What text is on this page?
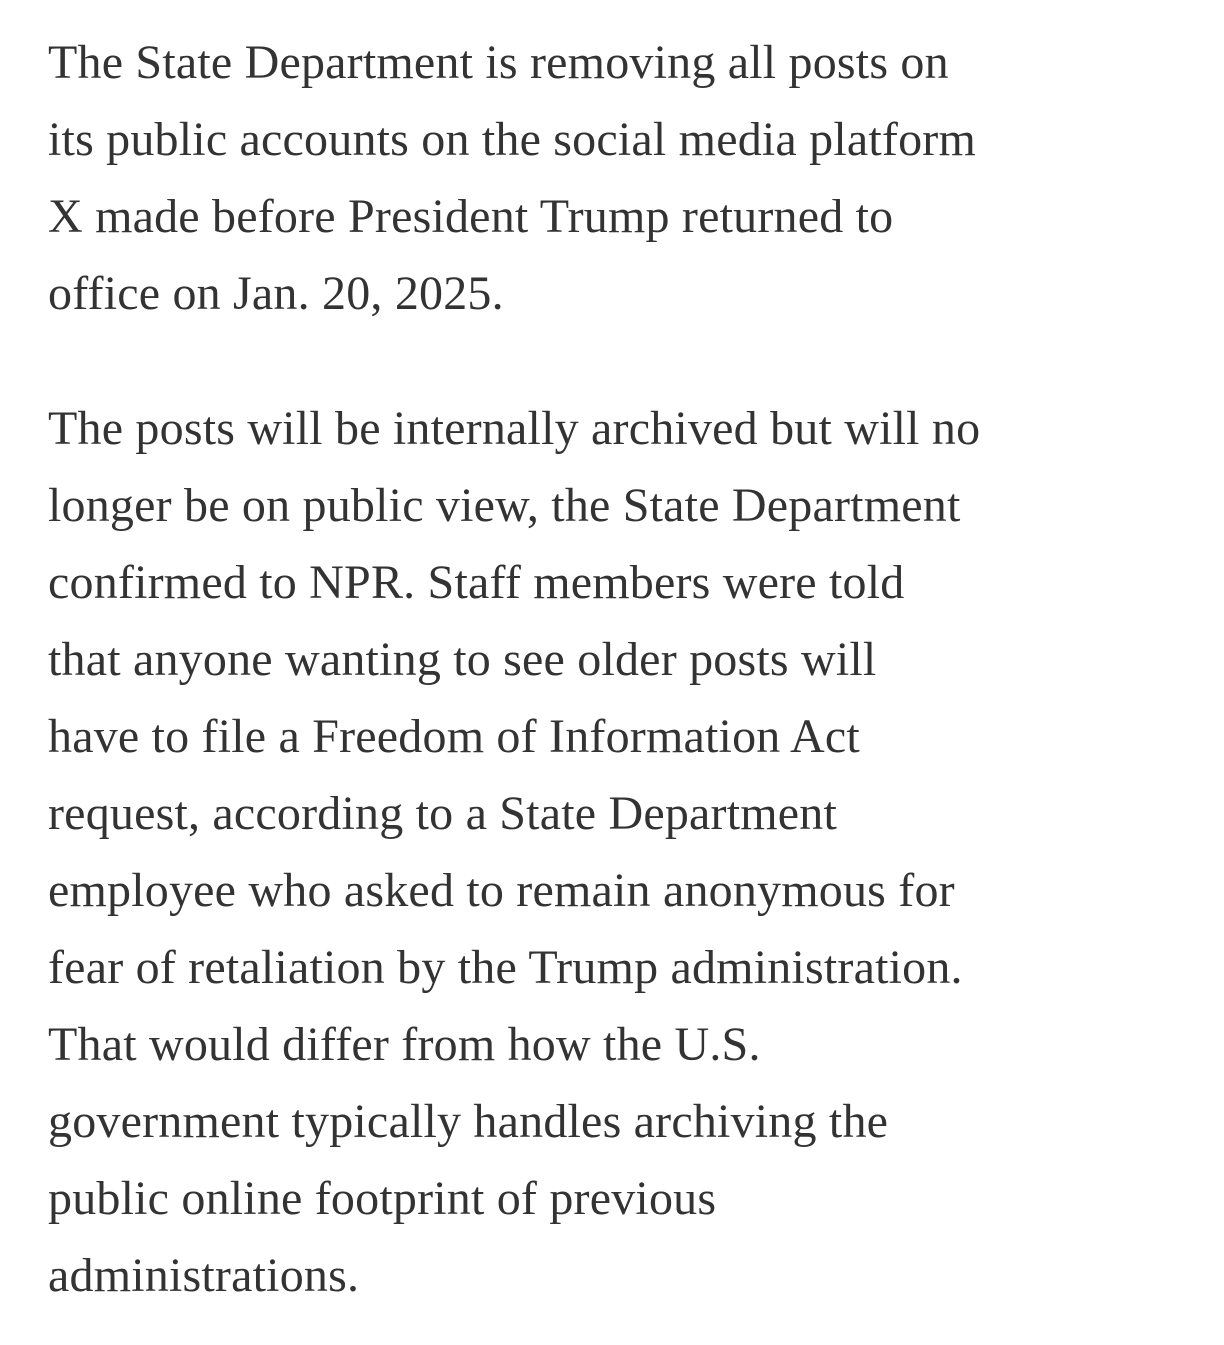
The State Department is removing all posts on
its public accounts on the social media platform
X made before President Trump returned to
office on Jan. 20, 2025.

The posts will be internally archived but will no
longer be on public view, the State Department
confirmed to NPR. Staff members were told
that anyone wanting to see older posts will
have to file a Freedom of Information Act
request, according to a State Department
employee who asked to remain anonymous for
fear of retaliation by the Trump administration.
That would differ from how the U.S.
government typically handles archiving the
public online footprint of previous
administrations.
